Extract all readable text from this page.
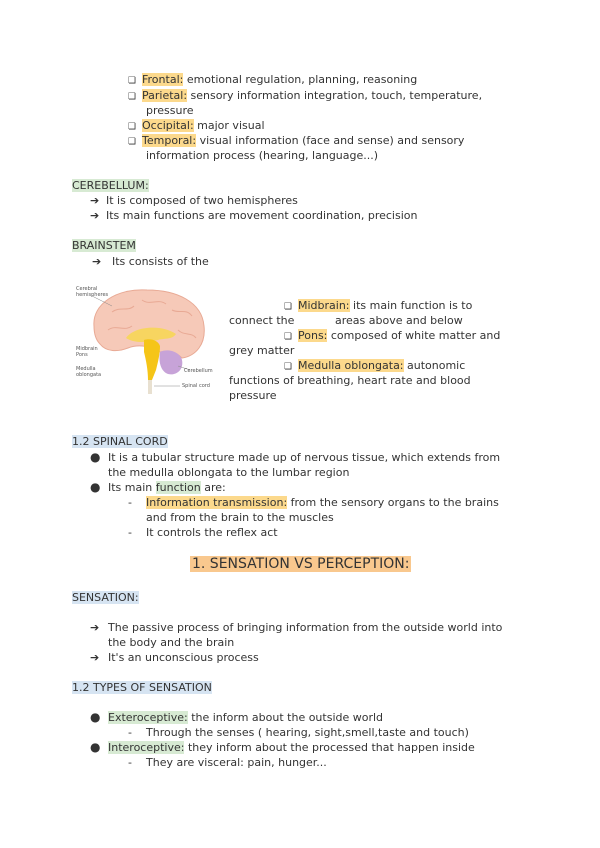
❏ Frontal: emotional regulation, planning, reasoning
❏ Parietal: sensory information integration, touch, temperature,
pressure
❏ Occipital: major visual
❏ Temporal: visual information (face and sense) and sensory
information process (hearing, language...)
CEREBELLUM:
➔ It is composed of two hemispheres
➔ Its main functions are movement coordination, precision
BRAINSTEM
➔ Its consists of the
Cerebral
hemispheres
Midbrain
Pons
Medulla
oblongata
Cerebellum
Spinal cord
❏ Midbrain: its main function is to
connect the	areas above and below
❏ Pons: composed of white matter and
grey matter
❏ Medulla oblongata: autonomic
functions of breathing, heart rate and blood
pressure
1.2 SPINAL CORD
● It is a tubular structure made up of nervous tissue, which extends from
the medulla oblongata to the lumbar region
● Its main function are:
- Information transmission: from the sensory organs to the brains
and from the brain to the muscles
- It controls the reflex act
1. SENSATION VS PERCEPTION:
SENSATION:
➔ The passive process of bringing information from the outside world into
the body and the brain
➔ It's an unconscious process
1.2 TYPES OF SENSATION
● Exteroceptive: the inform about the outside world
- Through the senses ( hearing, sight,smell,taste and touch)
● Interoceptive: they inform about the processed that happen inside
- They are visceral: pain, hunger...
